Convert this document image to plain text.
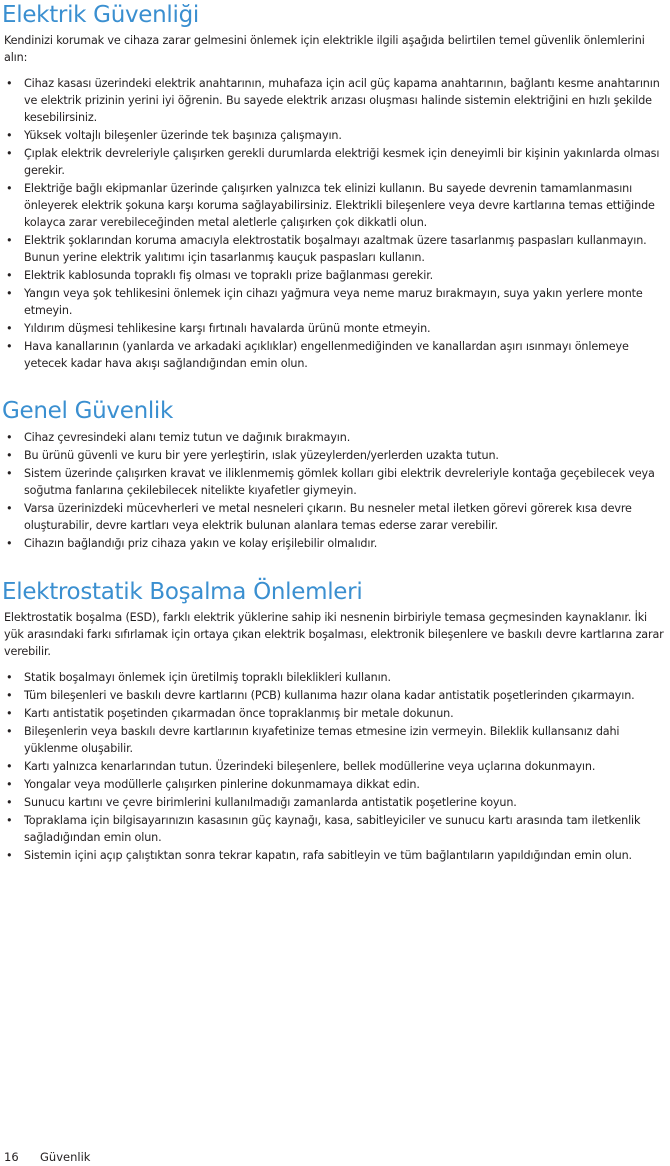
Elektrik Güvenliği

Kendinizi korumak ve cihaza zarar gelmesini önlemek için elektrikle ilgili aşağıda belirtilen temel güvenlik önlemlerini alın:

• Cihaz kasası üzerindeki elektrik anahtarının, muhafaza için acil güç kapama anahtarının, bağlantı kesme anahtarının ve elektrik prizinin yerini iyi öğrenin. Bu sayede elektrik arızası oluşması halinde sistemin elektriğini en hızlı şekilde kesebilirsiniz.
• Yüksek voltajlı bileşenler üzerinde tek başınıza çalışmayın.
• Çıplak elektrik devreleriyle çalışırken gerekli durumlarda elektriği kesmek için deneyimli bir kişinin yakınlarda olması gerekir.
• Elektriğe bağlı ekipmanlar üzerinde çalışırken yalnızca tek elinizi kullanın. Bu sayede devrenin tamamlanmasını önleyerek elektrik şokuna karşı koruma sağlayabilirsiniz. Elektrikli bileşenlere veya devre kartlarına temas ettiğinde kolayca zarar verebileceğinden metal aletlerle çalışırken çok dikkatli olun.
• Elektrik şoklarından koruma amacıyla elektrostatik boşalmayı azaltmak üzere tasarlanmış paspasları kullanmayın. Bunun yerine elektrik yalıtımı için tasarlanmış kauçuk paspasları kullanın.
• Elektrik kablosunda topraklı fiş olması ve topraklı prize bağlanması gerekir.
• Yangın veya şok tehlikesini önlemek için cihazı yağmura veya neme maruz bırakmayın, suya yakın yerlere monte etmeyin.
• Yıldırım düşmesi tehlikesine karşı fırtınalı havalarda ürünü monte etmeyin.
• Hava kanallarının (yanlarda ve arkadaki açıklıklar) engellenmediğinden ve kanallardan aşırı ısınmayı önlemeye yetecek kadar hava akışı sağlandığından emin olun.
Genel Güvenlik
• Cihaz çevresindeki alanı temiz tutun ve dağınık bırakmayın.
• Bu ürünü güvenli ve kuru bir yere yerleştirin, ıslak yüzeylerden/yerlerden uzakta tutun.
• Sistem üzerinde çalışırken kravat ve iliklenmemiş gömlek kolları gibi elektrik devreleriyle kontağa geçebilecek veya soğutma fanlarına çekilebilecek nitelikte kıyafetler giymeyin.
• Varsa üzerinizdeki mücevherleri ve metal nesneleri çıkarın. Bu nesneler metal iletken görevi görerek kısa devre oluşturabilir, devre kartları veya elektrik bulunan alanlara temas ederse zarar verebilir.
• Cihazın bağlandığı priz cihaza yakın ve kolay erişilebilir olmalıdır.
Elektrostatik Boşalma Önlemleri

Elektrostatik boşalma (ESD), farklı elektrik yüklerine sahip iki nesnenin birbiriyle temasa geçmesinden kaynaklanır. İki yük arasındaki farkı sıfırlamak için ortaya çıkan elektrik boşalması, elektronik bileşenlere ve baskılı devre kartlarına zarar verebilir.

• Statik boşalmayı önlemek için üretilmiş topraklı bileklikleri kullanın.
• Tüm bileşenleri ve baskılı devre kartlarını (PCB) kullanıma hazır olana kadar antistatik poşetlerinden çıkarmayın.
• Kartı antistatik poşetinden çıkarmadan önce topraklanmış bir metale dokunun.
• Bileşenlerin veya baskılı devre kartlarının kıyafetinize temas etmesine izin vermeyin. Bileklik kullansanız dahi yüklenme oluşabilir.
• Kartı yalnızca kenarlarından tutun. Üzerindeki bileşenlere, bellek modüllerine veya uçlarına dokunmayın.
• Yongalar veya modüllerle çalışırken pinlerine dokunmamaya dikkat edin.
• Sunucu kartını ve çevre birimlerini kullanılmadığı zamanlarda antistatik poşetlerine koyun.
• Topraklama için bilgisayarınızın kasasının güç kaynağı, kasa, sabitleyiciler ve sunucu kartı arasında tam iletkenlik sağladığından emin olun.
• Sistemin içini açıp çalıştıktan sonra tekrar kapatın, rafa sabitleyin ve tüm bağlantıların yapıldığından emin olun.
16 Güvenlik
